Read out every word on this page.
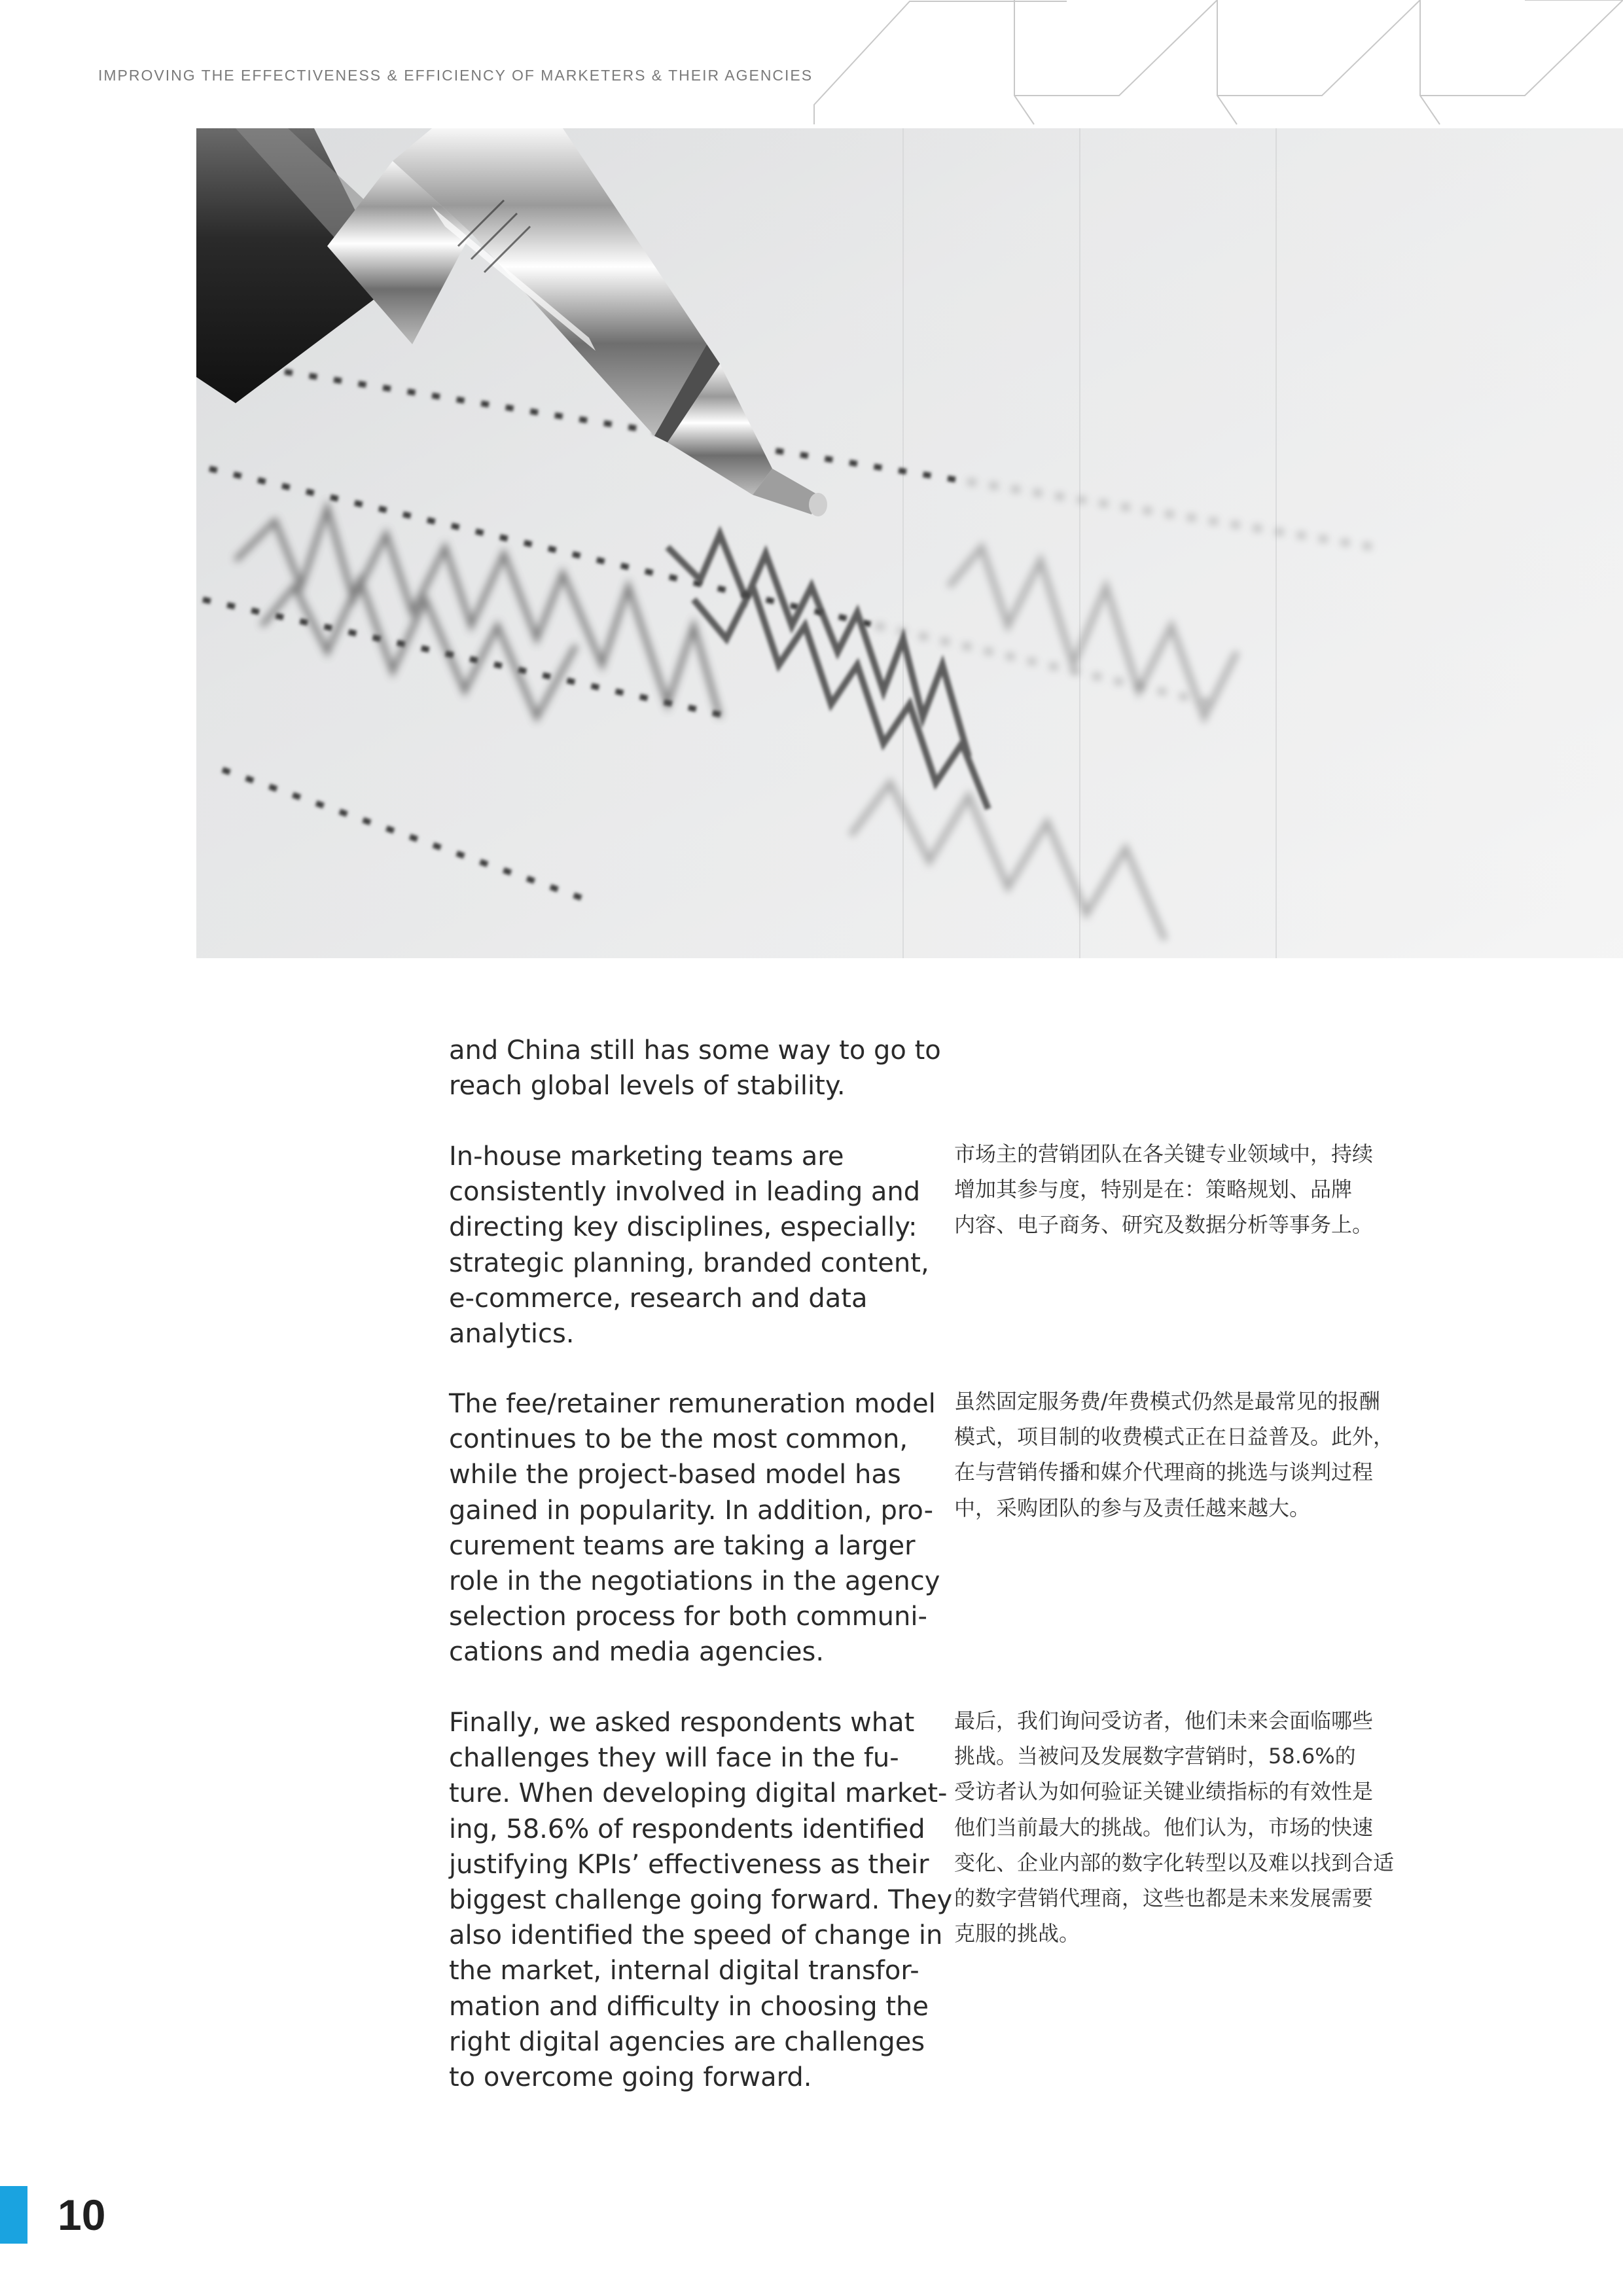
IMPROVING THE EFFECTIVENESS & EFFICIENCY OF MARKETERS & THEIR AGENCIES

and China still has some way to go to
reach global levels of stability.

In-house marketing teams are
consistently involved in leading and
directing key disciplines, especially:
strategic planning, branded content,
e-commerce, research and data
analytics.

The fee/retainer remuneration model
continues to be the most common,
while the project-based model has
gained in popularity. In addition, pro-
curement teams are taking a larger
role in the negotiations in the agency
selection process for both communi-
cations and media agencies.

Finally, we asked respondents what
challenges they will face in the fu-
ture. When developing digital market-
ing, 58.6% of respondents identified
justifying KPIs’ effectiveness as their
biggest challenge going forward. They
also identified the speed of change in
the market, internal digital transfor-
mation and difficulty in choosing the
right digital agencies are challenges
to overcome going forward.

市场主的营销团队在各关键专业领域中，持续
增加其参与度，特别是在：策略规划、品牌
内容、电子商务、研究及数据分析等事务上。

虽然固定服务费/年费模式仍然是最常见的报酬
模式，项目制的收费模式正在日益普及。此外，
在与营销传播和媒介代理商的挑选与谈判过程
中，采购团队的参与及责任越来越大。

最后，我们询问受访者，他们未来会面临哪些
挑战。当被问及发展数字营销时，58.6%的
受访者认为如何验证关键业绩指标的有效性是
他们当前最大的挑战。他们认为，市场的快速
变化、企业内部的数字化转型以及难以找到合适
的数字营销代理商，这些也都是未来发展需要
克服的挑战。

10
